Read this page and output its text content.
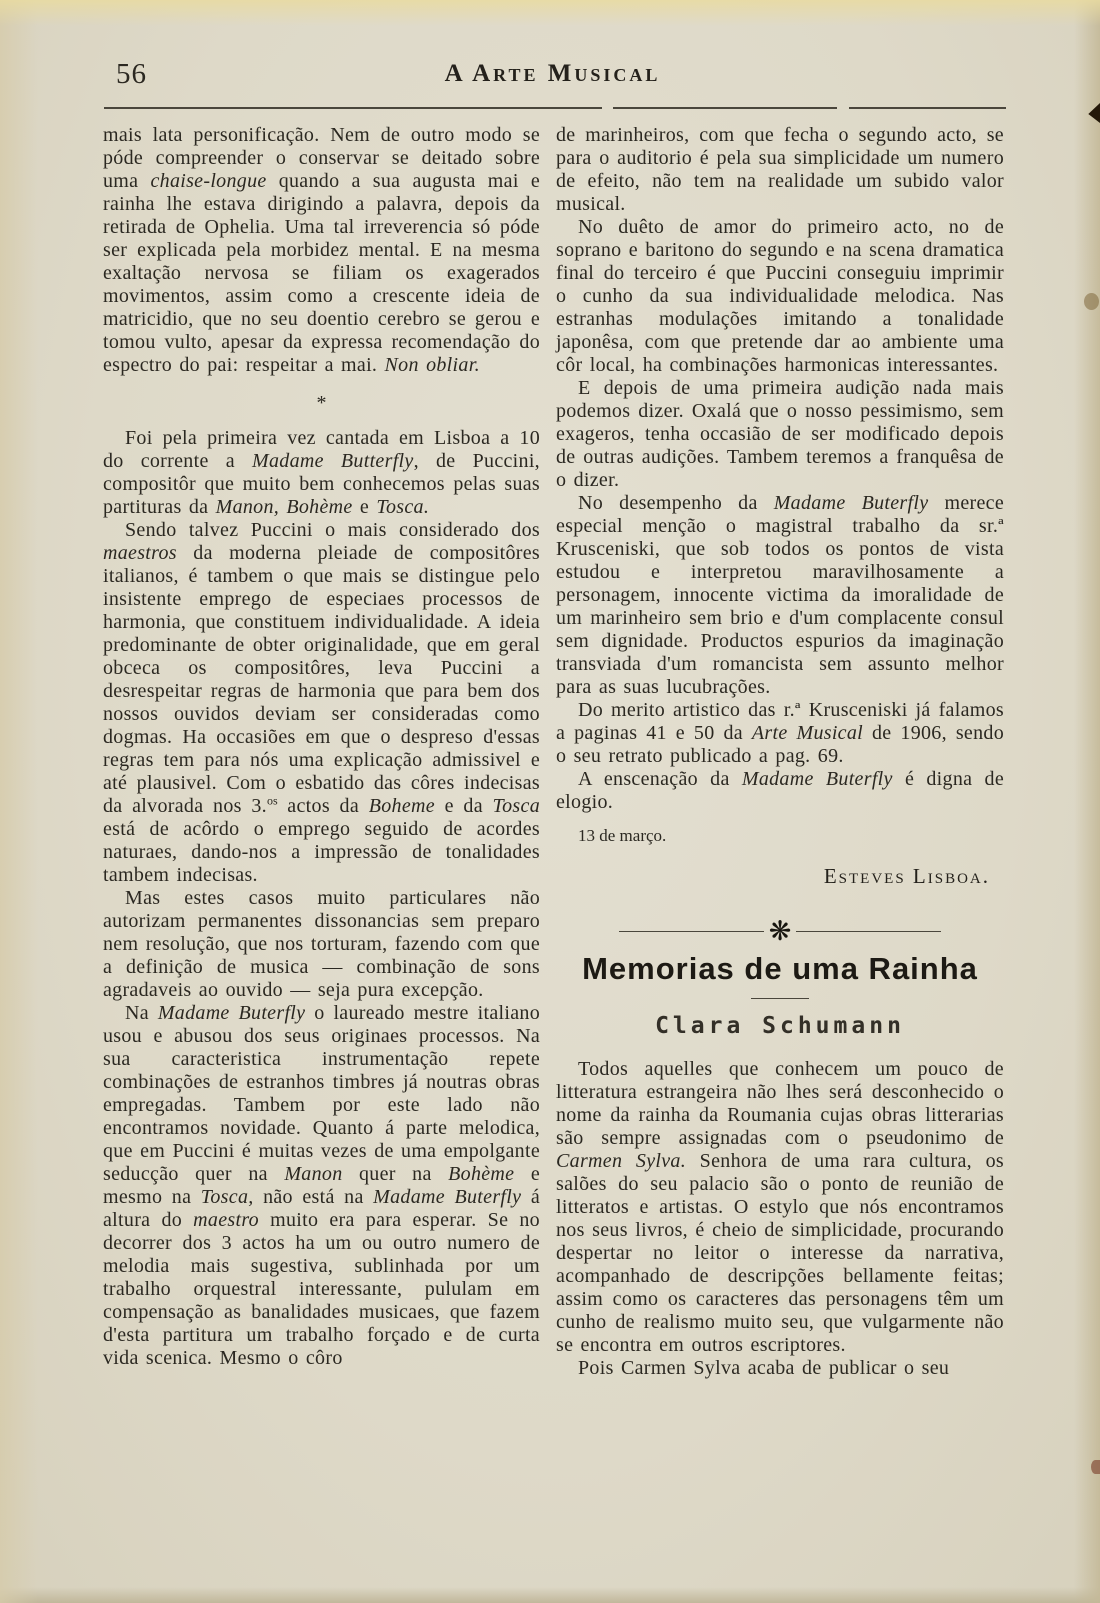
56	A Arte Musical

mais lata personificação. Nem de outro modo se póde compreender o conservar se deitado sobre uma chaise-longue quando a sua augusta mai e rainha lhe estava dirigindo a palavra, depois da retirada de Ophelia. Uma tal irreverencia só póde ser explicada pela morbidez mental. E na mesma exaltação nervosa se filiam os exagerados movimentos, assim como a crescente ideia de matricidio, que no seu doentio cerebro se gerou e tomou vulto, apesar da expressa recomendação do espectro do pai: respeitar a mai. Non obliar.

*

Foi pela primeira vez cantada em Lisboa a 10 do corrente a Madame Butterfly, de Puccini, compositôr que muito bem conhecemos pelas suas partituras da Manon, Bohème e Tosca.

Sendo talvez Puccini o mais considerado dos maestros da moderna pleiade de compositôres italianos, é tambem o que mais se distingue pelo insistente emprego de especiaes processos de harmonia, que constituem individualidade. A ideia predominante de obter originalidade, que em geral obceca os compositôres, leva Puccini a desrespeitar regras de harmonia que para bem dos nossos ouvidos deviam ser consideradas como dogmas. Ha occasiões em que o despreso d'essas regras tem para nós uma explicação admissivel e até plausivel. Com o esbatido das côres indecisas da alvorada nos 3.$^{os}$ actos da Boheme e da Tosca está de acôrdo o emprego seguido de acordes naturaes, dando-nos a impressão de tonalidades tambem indecisas.

Mas estes casos muito particulares não autorizam permanentes dissonancias sem preparo nem resolução, que nos torturam, fazendo com que a definição de musica — combinação de sons agradaveis ao ouvido — seja pura excepção.

Na Madame Buterfly o laureado mestre italiano usou e abusou dos seus originaes processos. Na sua caracteristica instrumentação repete combinações de estranhos timbres já noutras obras empregadas. Tambem por este lado não encontramos novidade. Quanto á parte melodica, que em Puccini é muitas vezes de uma empolgante seducção quer na Manon quer na Bohème e mesmo na Tosca, não está na Madame Buterfly á altura do maestro muito era para esperar. Se no decorrer dos 3 actos ha um ou outro numero de melodia mais sugestiva, sublinhada por um trabalho orquestral interessante, pululam em compensação as banalidades musicaes, que fazem d'esta partitura um trabalho forçado e de curta vida scenica. Mesmo o côro

de marinheiros, com que fecha o segundo acto, se para o auditorio é pela sua simplicidade um numero de efeito, não tem na realidade um subido valor musical.

No duêto de amor do primeiro acto, no de soprano e baritono do segundo e na scena dramatica final do terceiro é que Puccini conseguiu imprimir o cunho da sua individualidade melodica. Nas estranhas modulações imitando a tonalidade japonêsa, com que pretende dar ao ambiente uma côr local, ha combinações harmonicas interessantes.

E depois de uma primeira audição nada mais podemos dizer. Oxalá que o nosso pessimismo, sem exageros, tenha occasião de ser modificado depois de outras audições. Tambem teremos a franquêsa de o dizer.

No desempenho da Madame Buterfly merece especial menção o magistral trabalho da sr.ª Krusceniski, que sob todos os pontos de vista estudou e interpretou maravilhosamente a personagem, innocente victima da imoralidade de um marinheiro sem brio e d'um complacente consul sem dignidade. Productos espurios da imaginação transviada d'um romancista sem assunto melhor para as suas lucubrações.

Do merito artistico das r.ª Krusceniski já falamos a paginas 41 e 50 da Arte Musical de 1906, sendo o seu retrato publicado a pag. 69.

A enscenação da Madame Buterfly é digna de elogio.

13 de março.

Esteves Lisboa.

❋
Memorias de uma Rainha
Clara Schumann

Todos aquelles que conhecem um pouco de litteratura estrangeira não lhes será desconhecido o nome da rainha da Roumania cujas obras litterarias são sempre assignadas com o pseudonimo de Carmen Sylva. Senhora de uma rara cultura, os salões do seu palacio são o ponto de reunião de litteratos e artistas. O estylo que nós encontramos nos seus livros, é cheio de simplicidade, procurando despertar no leitor o interesse da narrativa, acompanhado de descripções bellamente feitas; assim como os caracteres das personagens têm um cunho de realismo muito seu, que vulgarmente não se encontra em outros escriptores.

Pois Carmen Sylva acaba de publicar o seu
